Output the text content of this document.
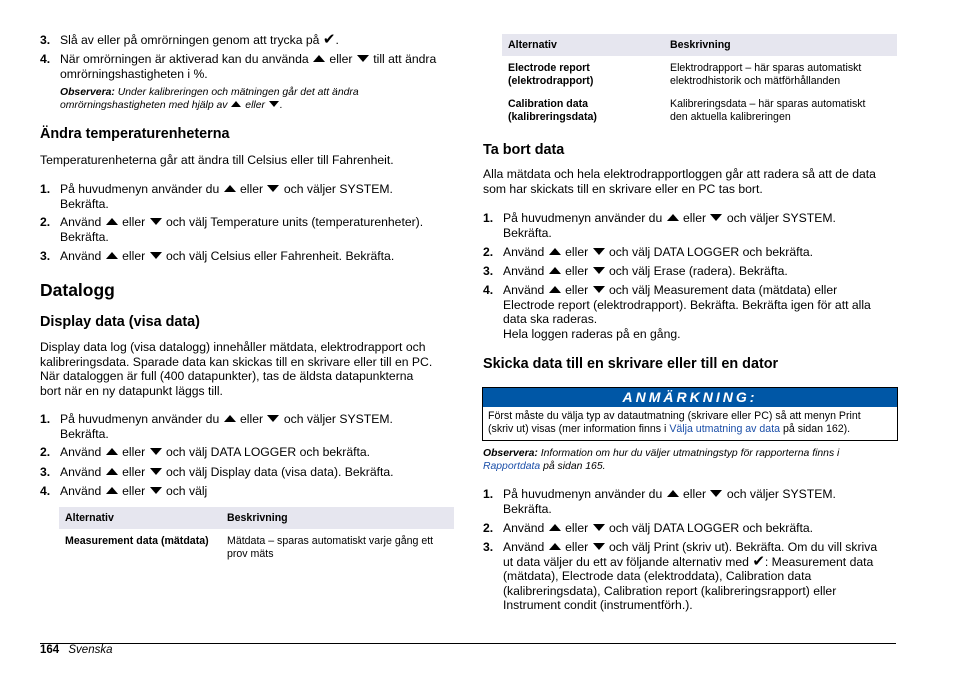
3. Slå av eller på omrörningen genom att trycka på ✔.
4. När omrörningen är aktiverad kan du använda eller till att ändra omrörningshastigheten i %.
Observera: Under kalibreringen och mätningen går det att ändra
omrörningshastigheten med hjälp av eller .
Ändra temperaturenheterna

Temperaturenheterna går att ändra till Celsius eller till Fahrenheit.

1. På huvudmenyn använder du eller och väljer SYSTEM.
Bekräfta.
2. Använd eller och välj Temperature units (temperaturenheter).
Bekräfta.
3. Använd eller och välj Celsius eller Fahrenheit. Bekräfta.
Datalogg
Display data (visa data)
Display data log (visa datalogg) innehåller mätdata, elektrodrapport och
kalibreringsdata. Sparade data kan skickas till en skrivare eller till en PC.
När dataloggen är full (400 datapunkter), tas de äldsta datapunkterna
bort när en ny datapunkt läggs till.
1. På huvudmenyn använder du eller och väljer SYSTEM.
Bekräfta.
2. Använd eller och välj DATA LOGGER och bekräfta.
3. Använd eller och välj Display data (visa data). Bekräfta.
4. Använd eller och välj
Alternativ	Beskrivning
Measurement data (mätdata)	Mätdata – sparas automatiskt varje gång ett
prov mäts
Alternativ	Beskrivning
Electrode report
(elektrodrapport)	Elektrodrapport – här sparas automatiskt
elektrodhistorik och mätförhållanden
Calibration data
(kalibreringsdata)	Kalibreringsdata – här sparas automatiskt
den aktuella kalibreringen
Ta bort data
Alla mätdata och hela elektrodrapportloggen går att radera så att de data
som har skickats till en skrivare eller en PC tas bort.
1. På huvudmenyn använder du eller och väljer SYSTEM.
Bekräfta.
2. Använd eller och välj DATA LOGGER och bekräfta.
3. Använd eller och välj Erase (radera). Bekräfta.
4. Använd eller och välj Measurement data (mätdata) eller
Electrode report (elektrodrapport). Bekräfta. Bekräfta igen för att alla
data ska raderas.
Hela loggen raderas på en gång.
Skicka data till en skrivare eller till en dator
ANMÄRKNING:
Först måste du välja typ av datautmatning (skrivare eller PC) så att menyn Print
(skriv ut) visas (mer information finns i Välja utmatning av data på sidan 162).
Observera: Information om hur du väljer utmatningstyp för rapporterna finns i
Rapportdata på sidan 165.
1. På huvudmenyn använder du eller och väljer SYSTEM.
Bekräfta.
2. Använd eller och välj DATA LOGGER och bekräfta.
3. Använd eller och välj Print (skriv ut). Bekräfta. Om du vill skriva
ut data väljer du ett av följande alternativ med ✔: Measurement data
(mätdata), Electrode data (elektroddata), Calibration data
(kalibreringsdata), Calibration report (kalibreringsrapport) eller
Instrument condit (instrumentförh.).
164 Svenska
